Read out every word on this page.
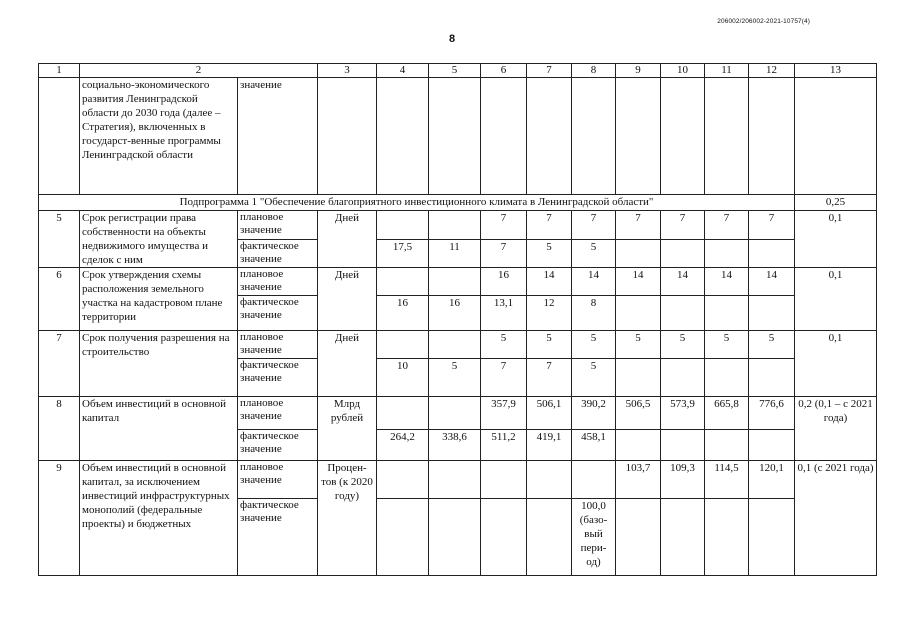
206002/206002-2021-10757(4)
8
1	2		3	4	5	6	7	8	9	10	11	12	13
	социально-экономического развития Ленинградской области до 2030 года (далее – Стратегия), включенных в государст-венные программы Ленинградской области	значение											
Подпрограмма 1 "Обеспечение благоприятного инвестиционного климата в Ленинградской области"													0,25
5	Срок регистрации права собственности на объекты недвижимого имущества и сделок с ним	плановое значение	Дней			7	7	7	7	7	7	7	0,1
		фактическое значение		17,5	11	7	5	5					
6	Срок утверждения схемы расположения земельного участка на кадастровом плане территории	плановое значение	Дней			16	14	14	14	14	14	14	0,1
		фактическое значение		16	16	13,1	12	8					
7	Срок получения разрешения на строительство	плановое значение	Дней			5	5	5	5	5	5	5	0,1
		фактическое значение		10	5	7	7	5					
8	Объем инвестиций в основной капитал	плановое значение	Млрд рублей			357,9	506,1	390,2	506,5	573,9	665,8	776,6	0,2 (0,1 – с 2021 года)
		фактическое значение		264,2	338,6	511,2	419,1	458,1					
9	Объем инвестиций в основной капитал, за исключением инвестиций инфраструктурных монополий (федеральные проекты) и бюджетных	плановое значение	Процен-тов (к 2020 году)						103,7	109,3	114,5	120,1	0,1 (с 2021 года)
		фактическое значение						100,0 (базо-вый пери-од)					
